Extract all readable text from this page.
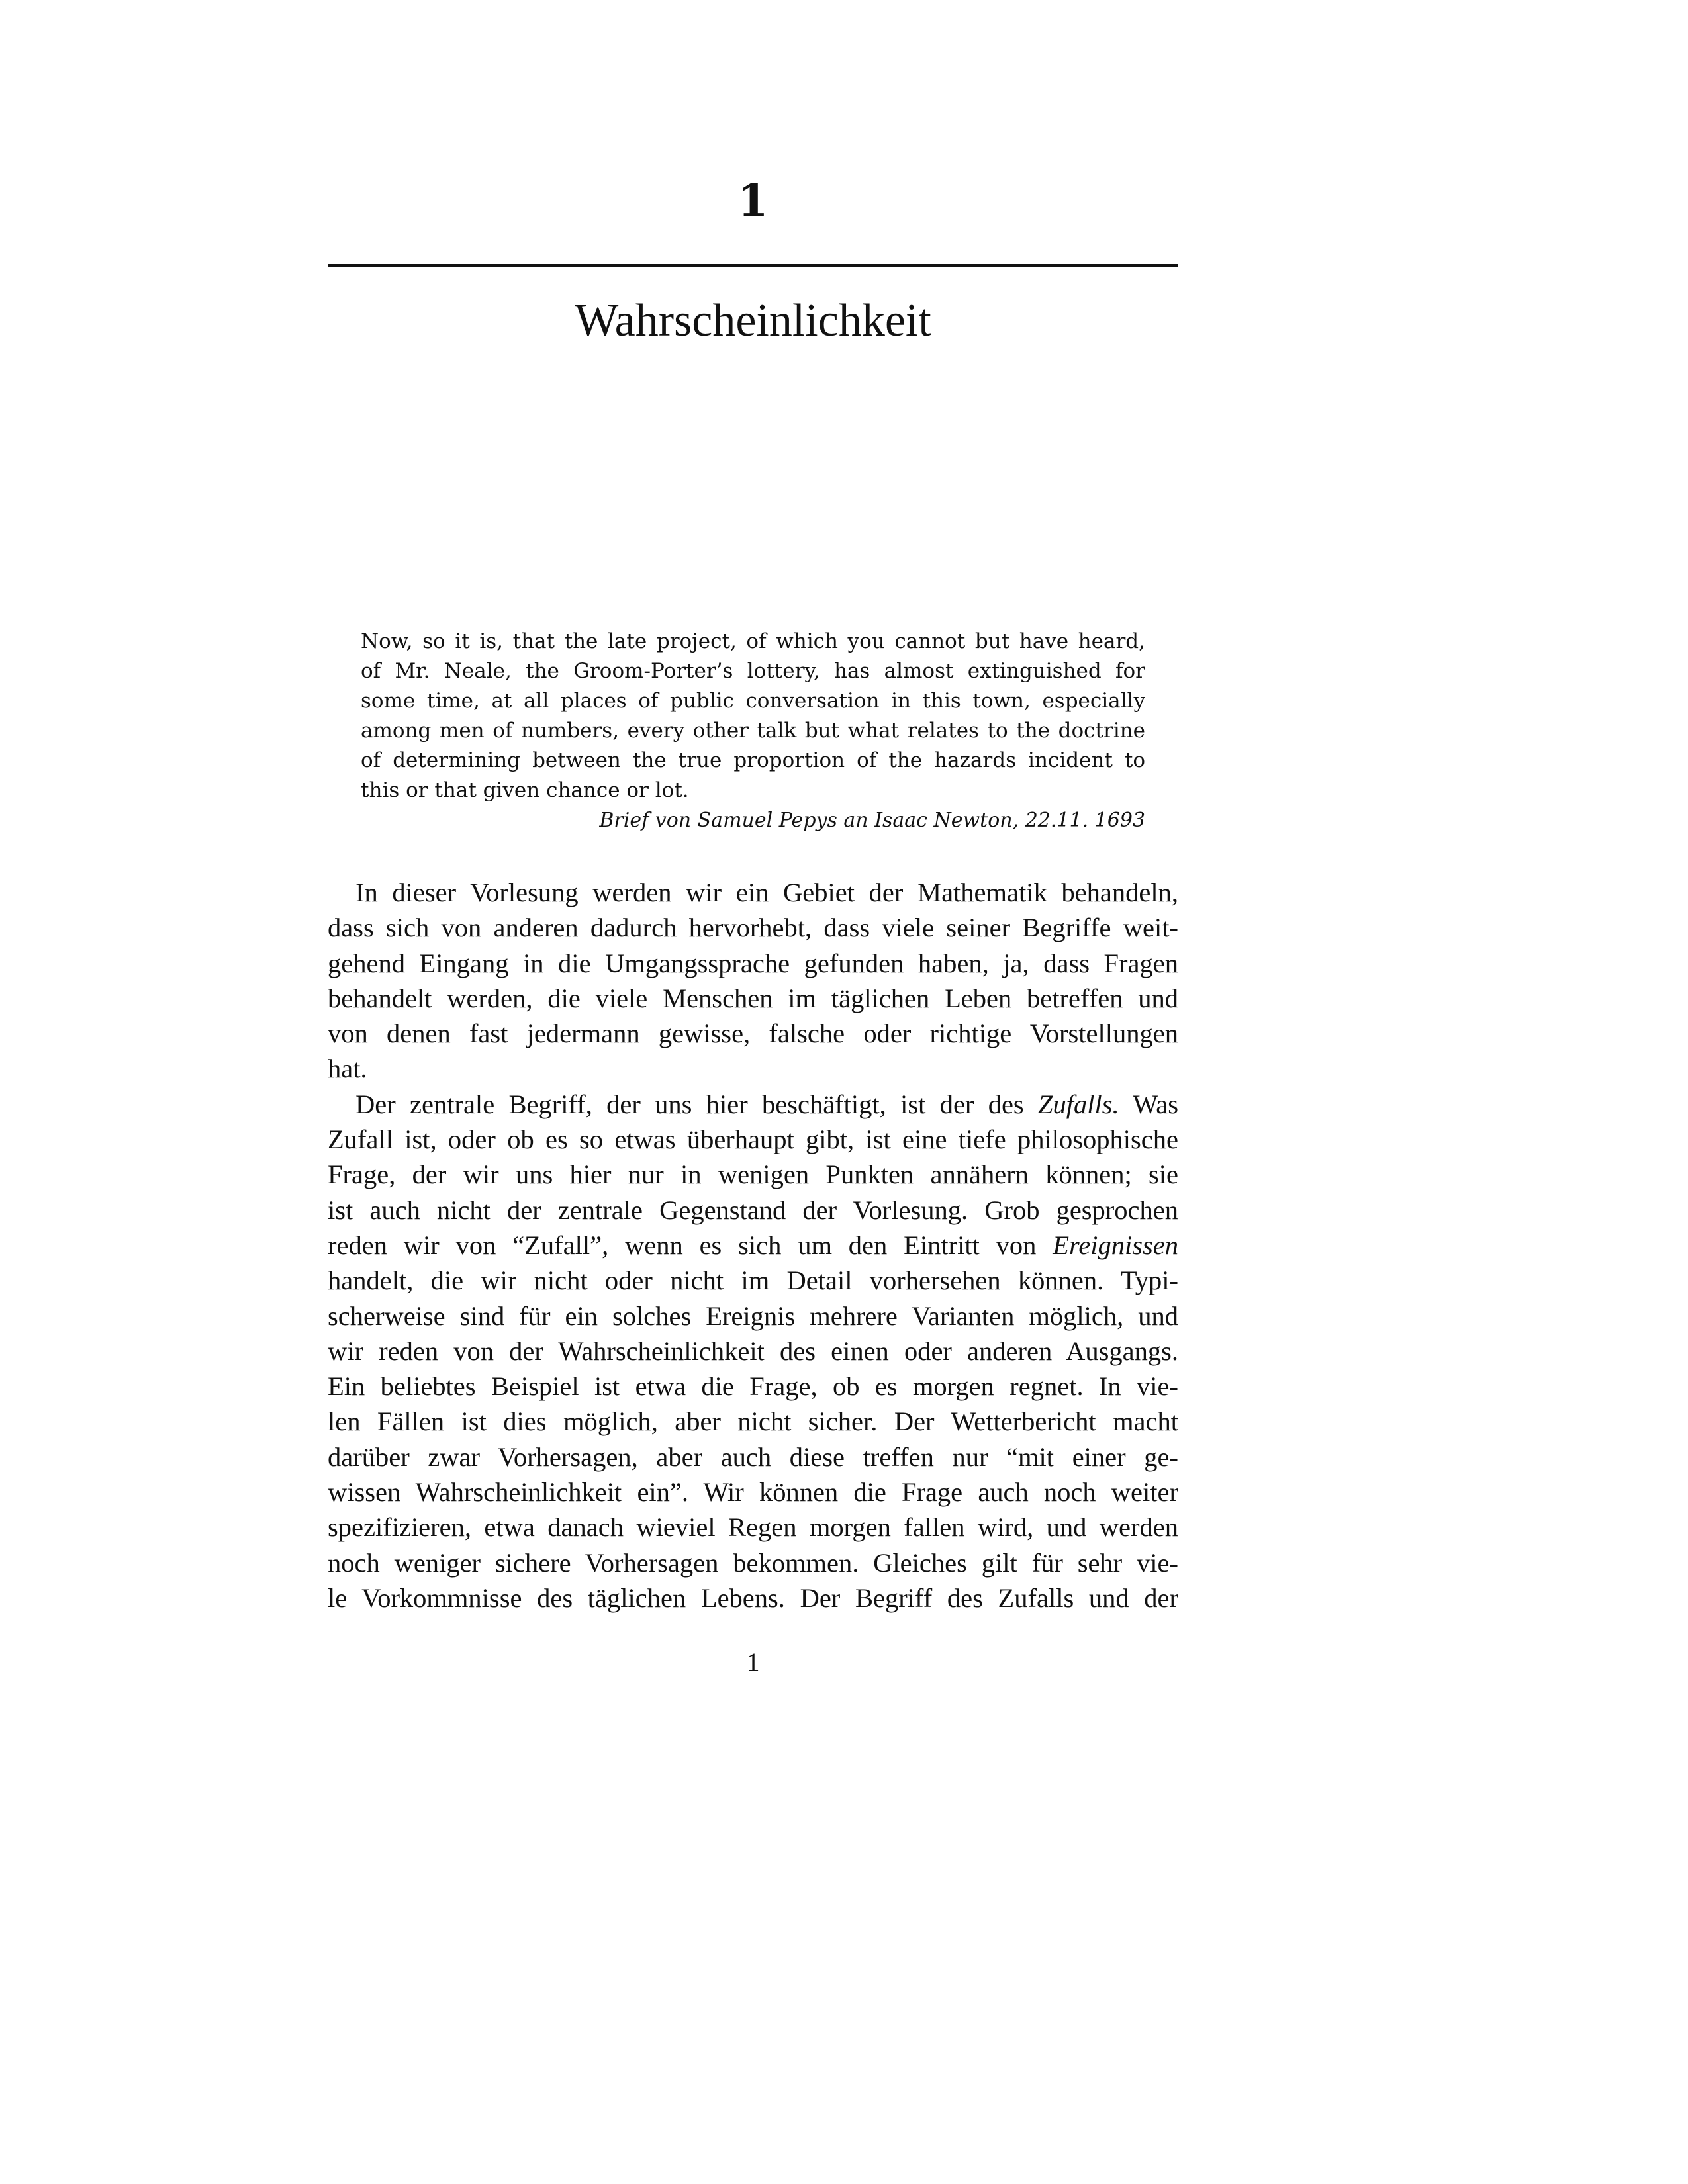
1
Wahrscheinlichkeit
Now, so it is, that the late project, of which you cannot but have heard,
of Mr. Neale, the Groom-Porter’s lottery, has almost extinguished for
some time, at all places of public conversation in this town, especially
among men of numbers, every other talk but what relates to the doctrine
of determining between the true proportion of the hazards incident to
this or that given chance or lot.
Brief von Samuel Pepys an Isaac Newton, 22.11. 1693
In dieser Vorlesung werden wir ein Gebiet der Mathematik behandeln,
dass sich von anderen dadurch hervorhebt, dass viele seiner Begriffe weit-
gehend Eingang in die Umgangssprache gefunden haben, ja, dass Fragen
behandelt werden, die viele Menschen im täglichen Leben betreffen und
von denen fast jedermann gewisse, falsche oder richtige Vorstellungen
hat.
Der zentrale Begriff, der uns hier beschäftigt, ist der des Zufalls. Was
Zufall ist, oder ob es so etwas überhaupt gibt, ist eine tiefe philosophische
Frage, der wir uns hier nur in wenigen Punkten annähern können; sie
ist auch nicht der zentrale Gegenstand der Vorlesung. Grob gesprochen
reden wir von “Zufall”, wenn es sich um den Eintritt von Ereignissen
handelt, die wir nicht oder nicht im Detail vorhersehen können. Typi-
scherweise sind für ein solches Ereignis mehrere Varianten möglich, und
wir reden von der Wahrscheinlichkeit des einen oder anderen Ausgangs.
Ein beliebtes Beispiel ist etwa die Frage, ob es morgen regnet. In vie-
len Fällen ist dies möglich, aber nicht sicher. Der Wetterbericht macht
darüber zwar Vorhersagen, aber auch diese treffen nur “mit einer ge-
wissen Wahrscheinlichkeit ein”. Wir können die Frage auch noch weiter
spezifizieren, etwa danach wieviel Regen morgen fallen wird, und werden
noch weniger sichere Vorhersagen bekommen. Gleiches gilt für sehr vie-
le Vorkommnisse des täglichen Lebens. Der Begriff des Zufalls und der
1
